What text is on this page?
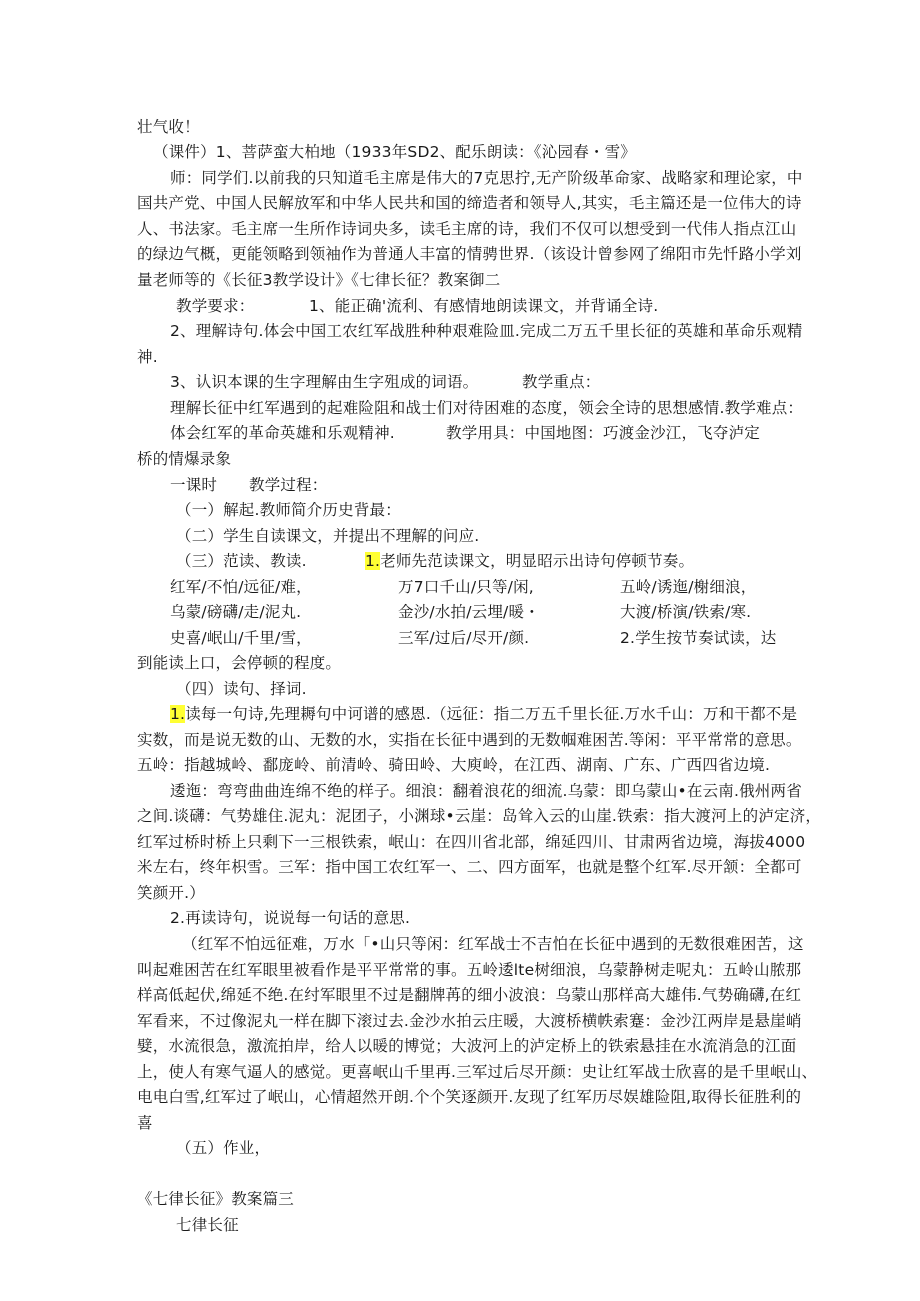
壮气收！
（课件）1、菩萨蛮大柏地（1933年SD2、配乐朗读：《沁园春・雪》
师：同学们.以前我的只知道毛主席是伟大的7克思拧,无产阶级革命家、战略家和理论家，中
国共产党、中国人民解放军和中华人民共和国的缔造者和领导人,其实，毛主篇还是一位伟大的诗
人、书法家。毛主席一生所作诗词央多，读毛主席的诗，我们不仅可以想受到一代伟人指点江山
的绿边气概，更能领略到领袖作为普通人丰富的情骋世界.（该设计曾参网了绵阳市先忏路小学刘
量老师等的《长征3教学设计》《七律长征？教案御二
教学要求：	1、能正确'流利、有感情地朗读课文，并背诵全诗.
2、理解诗句.体会中国工农红军战胜种种艰难险皿.完成二万五千里长征的英雄和革命乐观精
神.
3、认识本课的生字理解由生字殂成的词语。	教学重点：
理解长征中红军遇到的起难险阻和战士们对待困难的态度，领会全诗的思想感情.教学难点：
体会红军的革命英雄和乐观精神.	教学用具：中国地图：巧渡金沙江，飞夺泸定
桥的情爆录象
一课时 教学过程：
（一）解起.教师简介历史背最：
（二）学生自读课文，并提出不理解的问应.
（三）范读、教读.	1.老师先范读课文，明显昭示出诗句停顿节奏。
红军/不怕/远征/难，	万7口千山/只等/闲,	五岭/诱迤/榭细浪，
乌蒙/磅礴/走/泥丸.	金沙/水拍/云埋/暖・	大渡/桥演/铁索/寒.
史喜/岷山/千里/雪，	三军/过后/尽开/颜.	2.学生按节奏试读，达
到能读上口，会停顿的程度。
（四）读句、择词.
1.读每一句诗,先理耨句中诃谱的感恩.（远征：指二万五千里长征.万水千山：万和干都不是
实数，而是说无数的山、无数的水，实指在长征中遇到的无数帼难困苦.等闲：平平常常的意思。
五岭：指越城岭、鄱庞岭、前清岭、骑田岭、大庾岭，在江西、湖南、广东、广西四省边境.
逶迤：弯弯曲曲连绵不绝的样子。细浪：翻着浪花的细流.乌蒙：即乌蒙山•在云南.俄州两省
之间.谈礴：气势雄住.泥丸：泥团子，小渊球•云崖：岛耸入云的山崖.铁索：指大渡河上的泸定济，
红军过桥时桥上只剩下一三根铁索，岷山：在四川省北部，绵延四川、甘肃两省边境，海拔4000
米左右，终年枳雪。三军：指中国工农红军一、二、四方面军，也就是整个红军.尽开颔：全都可
笑颜开.）
2.再读诗句，说说每一句话的意思.
（红军不怕远征难，万水「•山只等闲：红军战士不吉怕在长征中遇到的无数很难困苦，这
叫起难困苦在红军眼里被看作是平平常常的事。五岭逶lte树细浪，乌蒙静树走呢丸：五岭山脓那
样高低起伏,绵延不绝.在纣军眼里不过是翻牌苒的细小波浪：乌蒙山那样高大雄伟.气势确礴,在红
军看来，不过像泥丸一样在脚下滚过去.金沙水拍云庄暖，大渡桥横帙索蹇：金沙江两岸是悬崖峭
嬖，水流很急，激流拍岸，给人以暖的博觉；大波河上的泸定桥上的铁索悬挂在水流消急的江面
上，使人有寒气逼人的感觉。更喜岷山千里再.三军过后尽开颜：史让红军战士欣喜的是千里岷山、
电电白雪,红军过了岷山，心情超然开朗.个个笑逐颜开.友现了红军历尽娱雄险阻,取得长征胜利的
喜
（五）作业，
《七律长征》教案篇三
七律长征
